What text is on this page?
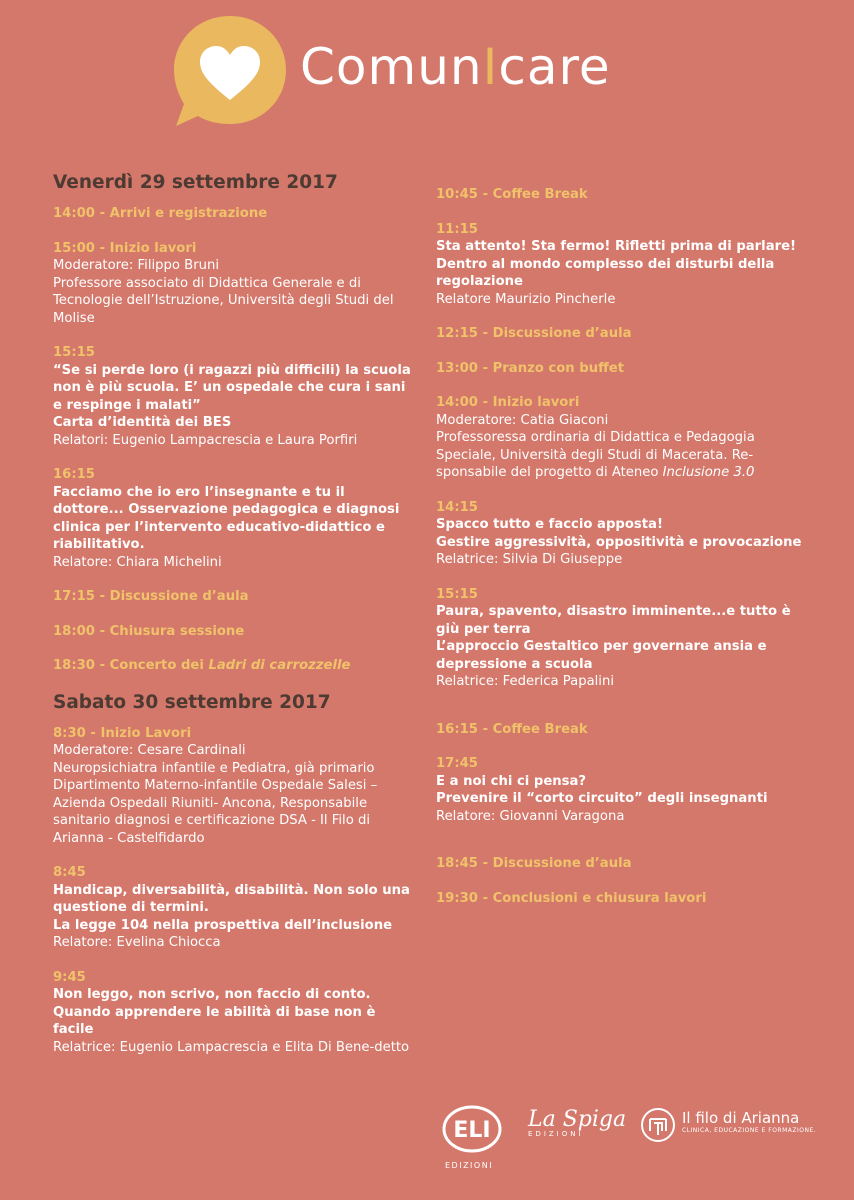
ComunIcare
Venerdì 29 settembre 2017
14:00 - Arrivi e registrazione
15:00 - Inizio lavori
Moderatore: Filippo Bruni
Professore associato di Didattica Generale e di Tecnologie dell’Istruzione, Università degli Studi del Molise
15:15
“Se si perde loro (i ragazzi più difficili) la scuola non è più scuola. E’ un ospedale che cura i sani e respinge i malati”
Carta d’identità dei BES
Relatori: Eugenio Lampacrescia e Laura Porfiri
16:15
Facciamo che io ero l’insegnante e tu il dottore... Osservazione pedagogica e diagnosi clinica per l’intervento educativo-didattico e riabilitativo.
Relatore: Chiara Michelini
17:15 - Discussione d’aula
18:00 - Chiusura sessione
18:30 - Concerto dei Ladri di carrozzelle
Sabato 30 settembre 2017
8:30 - Inizio Lavori
Moderatore: Cesare Cardinali
Neuropsichiatra infantile e Pediatra, già primario Dipartimento Materno-infantile Ospedale Salesi – Azienda Ospedali Riuniti- Ancona, Responsabile sanitario diagnosi e certificazione DSA - Il Filo di Arianna - Castelfidardo
8:45
Handicap, diversabilità, disabilità. Non solo una questione di termini.
La legge 104 nella prospettiva dell’inclusione
Relatore: Evelina Chiocca
9:45
Non leggo, non scrivo, non faccio di conto. Quando apprendere le abilità di base non è facile
Relatrice: Eugenio Lampacrescia e Elita Di Bene-detto
10:45 - Coffee Break
11:15
Sta attento! Sta fermo! Rifletti prima di parlare!
Dentro al mondo complesso dei disturbi della regolazione
Relatore Maurizio Pincherle
12:15 - Discussione d’aula
13:00 - Pranzo con buffet
14:00 - Inizio lavori
Moderatore: Catia Giaconi
Professoressa ordinaria di Didattica e Pedagogia Speciale, Università degli Studi di Macerata. Re-sponsabile del progetto di Ateneo Inclusione 3.0
14:15
Spacco tutto e faccio apposta!
Gestire aggressività, oppositività e provocazione
Relatrice: Silvia Di Giuseppe
15:15
Paura, spavento, disastro imminente...e tutto è giù per terra
L’approccio Gestaltico per governare ansia e depressione a scuola
Relatrice: Federica Papalini
16:15 - Coffee Break
17:45
E a noi chi ci pensa?
Prevenire il “corto circuito” degli insegnanti
Relatore: Giovanni Varagona
18:45 - Discussione d’aula
19:30 - Conclusioni e chiusura lavori
ELI
EDIZIONI
La Spiga
EDIZIONI
Il filo di Arianna
CLINICA, EDUCAZIONE E FORMAZIONE.
